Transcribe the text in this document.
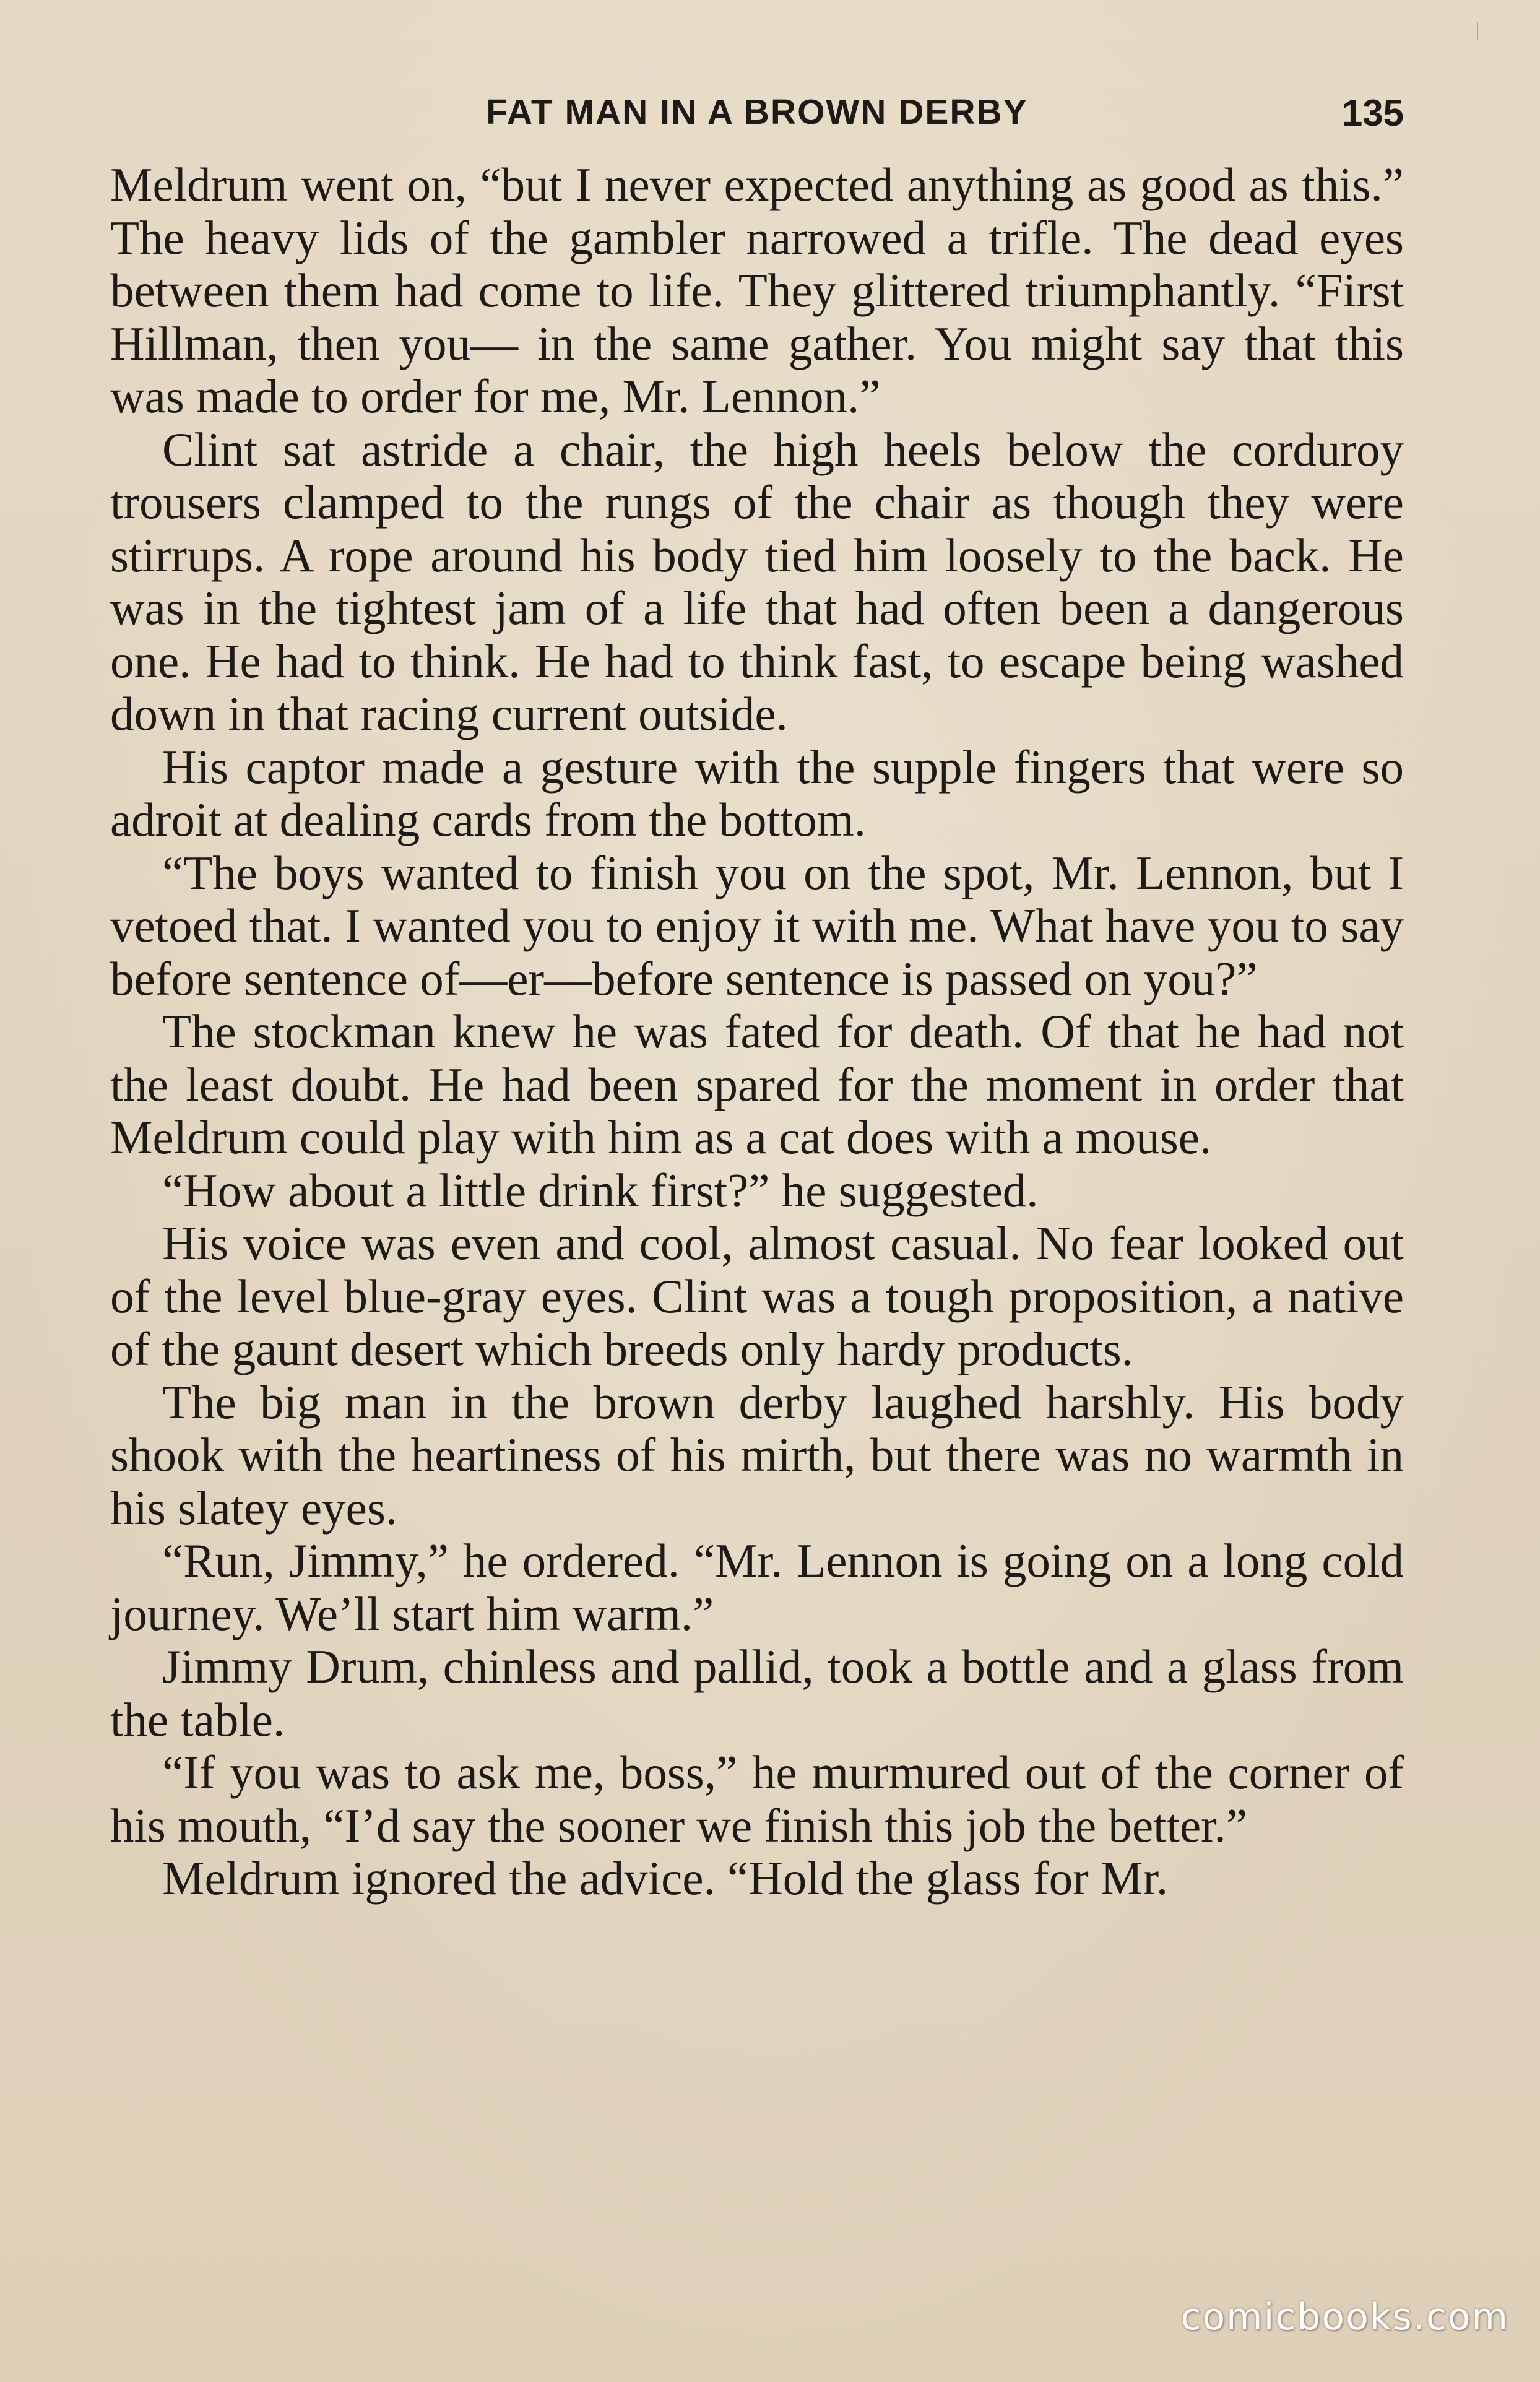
FAT MAN IN A BROWN DERBY	135

Meldrum went on, “but I never expected anything as good as this.” The heavy lids of the gambler narrowed a trifle. The dead eyes between them had come to life. They glittered triumphantly. “First Hillman, then you— in the same gather. You might say that this was made to order for me, Mr. Lennon.”

Clint sat astride a chair, the high heels below the corduroy trousers clamped to the rungs of the chair as though they were stirrups. A rope around his body tied him loosely to the back. He was in the tightest jam of a life that had often been a dangerous one. He had to think. He had to think fast, to escape being washed down in that racing current outside.

His captor made a gesture with the supple fingers that were so adroit at dealing cards from the bottom.

“The boys wanted to finish you on the spot, Mr. Lennon, but I vetoed that. I wanted you to enjoy it with me. What have you to say before sentence of—er—before sentence is passed on you?”

The stockman knew he was fated for death. Of that he had not the least doubt. He had been spared for the moment in order that Meldrum could play with him as a cat does with a mouse.

“How about a little drink first?” he suggested.

His voice was even and cool, almost casual. No fear looked out of the level blue-gray eyes. Clint was a tough proposition, a native of the gaunt desert which breeds only hardy products.

The big man in the brown derby laughed harshly. His body shook with the heartiness of his mirth, but there was no warmth in his slatey eyes.

“Run, Jimmy,” he ordered. “Mr. Lennon is going on a long cold journey. We’ll start him warm.”

Jimmy Drum, chinless and pallid, took a bottle and a glass from the table.

“If you was to ask me, boss,” he murmured out of the corner of his mouth, “I’d say the sooner we finish this job the better.”

Meldrum ignored the advice. “Hold the glass for Mr.

comicbooks.com
